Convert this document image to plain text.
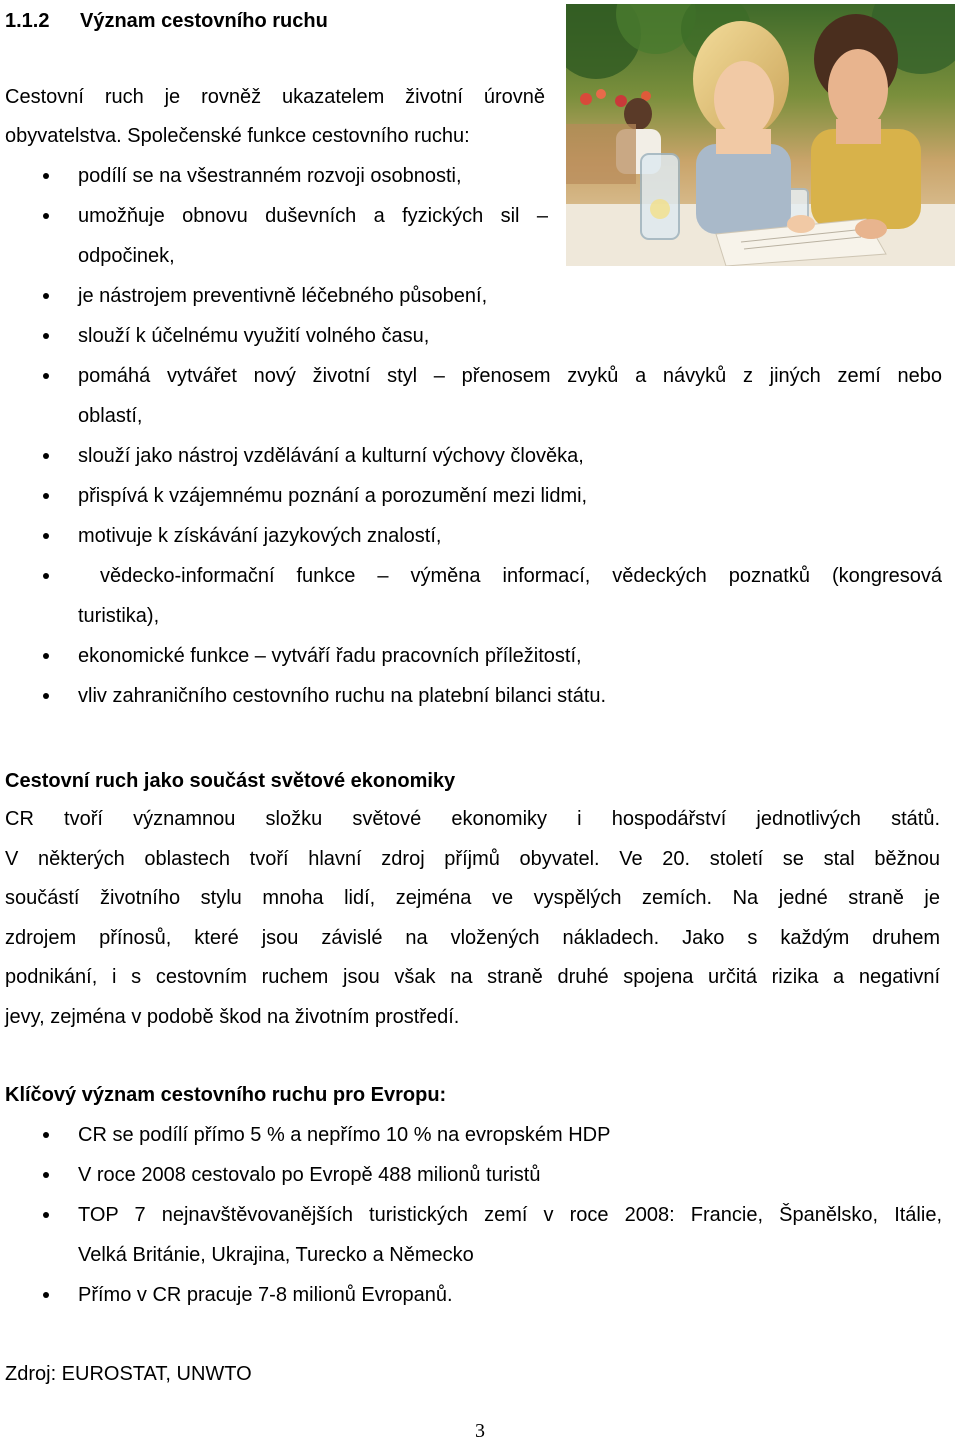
1.1.2 Význam cestovního ruchu
Cestovní ruch je rovněž ukazatelem životní úrovně
obyvatelstva. Společenské funkce cestovního ruchu:
podílí se na všestranném rozvoji osobnosti,
umožňuje obnovu duševních a fyzických sil –
odpočinek,
je nástrojem preventivně léčebného působení,
slouží k účelnému využití volného času,
pomáhá vytvářet nový životní styl – přenosem zvyků a návyků z jiných zemí nebo
oblastí,
slouží jako nástroj vzdělávání a kulturní výchovy člověka,
přispívá k vzájemnému poznání a porozumění mezi lidmi,
motivuje k získávání jazykových znalostí,
vědecko-informační funkce – výměna informací, vědeckých poznatků (kongresová
turistika),
ekonomické funkce – vytváří řadu pracovních příležitostí,
vliv zahraničního cestovního ruchu na platební bilanci státu.
Cestovní ruch jako součást světové ekonomiky
CR tvoří významnou složku světové ekonomiky i hospodářství jednotlivých států.
V některých oblastech tvoří hlavní zdroj příjmů obyvatel. Ve 20. století se stal běžnou
součástí životního stylu mnoha lidí, zejména ve vyspělých zemích. Na jedné straně je
zdrojem přínosů, které jsou závislé na vložených nákladech. Jako s každým druhem
podnikání, i s cestovním ruchem jsou však na straně druhé spojena určitá rizika a negativní
jevy, zejména v podobě škod na životním prostředí.
Klíčový význam cestovního ruchu pro Evropu:
CR se podílí přímo 5 % a nepřímo 10 % na evropském HDP
V roce 2008 cestovalo po Evropě 488 milionů turistů
TOP 7 nejnavštěvovanějších turistických zemí v roce 2008: Francie, Španělsko, Itálie,
Velká Británie, Ukrajina, Turecko a Německo
Přímo v CR pracuje 7-8 milionů Evropanů.
Zdroj: EUROSTAT, UNWTO
3
